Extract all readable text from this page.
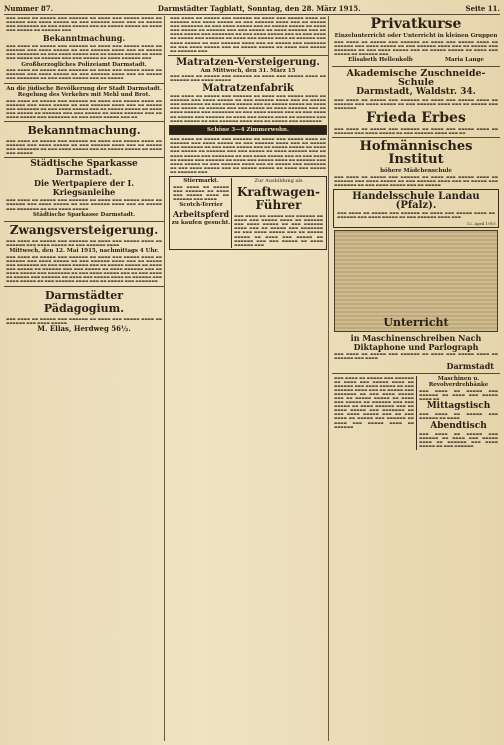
Nummer 87.	Darmstädter Tagblatt, Sonntag, den 28. März 1915.	Seite 11.

▬▬▬ ▬▬▬▬ ▬▬ ▬▬▬▬▬ ▬▬▬ ▬▬▬▬▬▬ ▬▬ ▬▬▬▬ ▬▬▬ ▬▬▬▬▬ ▬▬▬▬ ▬▬ ▬▬▬▬▬▬ ▬▬▬ ▬▬▬▬ ▬▬▬▬▬ ▬▬ ▬▬▬ ▬▬▬▬▬▬ ▬▬▬▬ ▬▬▬ ▬▬ ▬▬▬▬▬ ▬▬▬ ▬▬▬▬▬▬▬ ▬▬ ▬▬▬ ▬▬▬▬ ▬▬▬▬▬ ▬▬▬ ▬▬ ▬▬▬▬▬ ▬▬▬▬▬ ▬▬ ▬▬▬▬ ▬▬▬ ▬▬▬▬▬ ▬▬ ▬▬▬▬▬▬ ▬▬▬

Bekanntmachung.

▬▬▬ ▬▬▬▬ ▬▬ ▬▬▬▬▬ ▬▬▬ ▬▬▬▬▬▬ ▬▬ ▬▬▬▬ ▬▬▬ ▬▬▬▬▬ ▬▬▬▬ ▬▬ ▬▬▬▬▬▬ ▬▬▬ ▬▬▬▬ ▬▬▬▬▬ ▬▬ ▬▬▬ ▬▬▬▬▬▬ ▬▬▬▬ ▬▬▬ ▬▬ ▬▬▬▬▬ ▬▬▬ ▬▬▬▬▬▬▬ ▬▬ ▬▬▬ ▬▬▬▬ ▬▬▬▬▬ ▬▬▬ ▬▬ ▬▬▬▬▬ ▬▬▬▬▬ ▬▬ ▬▬▬▬ ▬▬▬ ▬▬▬▬▬ ▬▬ ▬▬▬▬▬▬ ▬▬▬ ▬▬▬ ▬▬▬▬▬ ▬▬ ▬▬▬▬ ▬▬▬▬▬▬ ▬▬▬

Großherzogliches Polizeiamt Darmstadt.

▬▬▬ ▬▬▬▬ ▬▬ ▬▬▬▬▬ ▬▬▬ ▬▬▬▬▬▬ ▬▬ ▬▬▬▬ ▬▬▬ ▬▬▬▬▬ ▬▬▬▬ ▬▬ ▬▬▬▬▬▬ ▬▬▬ ▬▬▬▬ ▬▬▬▬▬ ▬▬ ▬▬▬ ▬▬▬▬▬▬ ▬▬▬▬ ▬▬▬ ▬▬ ▬▬▬▬▬ ▬▬▬ ▬▬▬▬▬▬▬ ▬▬ ▬▬▬ ▬▬▬▬ ▬▬▬▬▬ ▬▬▬ ▬▬ ▬▬▬▬▬

An die jüdische Bevölkerung der Stadt Darmstadt.
Regelung des Verkehrs mit Mehl und Brot.

▬▬▬ ▬▬▬▬ ▬▬ ▬▬▬▬▬ ▬▬▬ ▬▬▬▬▬▬ ▬▬ ▬▬▬▬ ▬▬▬ ▬▬▬▬▬ ▬▬▬▬ ▬▬ ▬▬▬▬▬▬ ▬▬▬ ▬▬▬▬ ▬▬▬▬▬ ▬▬ ▬▬▬ ▬▬▬▬▬▬ ▬▬▬▬ ▬▬▬ ▬▬ ▬▬▬▬▬ ▬▬▬ ▬▬▬▬▬▬▬ ▬▬ ▬▬▬ ▬▬▬▬ ▬▬▬▬▬ ▬▬▬ ▬▬ ▬▬▬▬▬ ▬▬▬▬▬ ▬▬ ▬▬▬▬ ▬▬▬ ▬▬▬▬▬ ▬▬ ▬▬▬▬▬▬ ▬▬▬ ▬▬▬ ▬▬▬▬▬ ▬▬ ▬▬▬▬ ▬▬▬▬▬▬ ▬▬▬ ▬▬ ▬▬▬▬ ▬▬▬▬▬ ▬▬▬ ▬▬▬▬▬▬▬ ▬▬ ▬▬▬ ▬▬▬▬ ▬▬▬▬▬ ▬▬▬ ▬▬

Bekanntmachung.

▬▬▬ ▬▬▬▬ ▬▬ ▬▬▬▬▬ ▬▬▬ ▬▬▬▬▬▬ ▬▬ ▬▬▬▬ ▬▬▬ ▬▬▬▬▬ ▬▬▬▬ ▬▬ ▬▬▬▬▬▬ ▬▬▬ ▬▬▬▬ ▬▬▬▬▬ ▬▬ ▬▬▬ ▬▬▬▬▬▬ ▬▬▬▬ ▬▬▬ ▬▬ ▬▬▬▬▬ ▬▬▬ ▬▬▬▬▬▬▬ ▬▬ ▬▬▬ ▬▬▬▬ ▬▬▬▬▬ ▬▬▬ ▬▬ ▬▬▬▬▬ ▬▬▬▬▬ ▬▬ ▬▬▬▬ ▬▬▬ ▬▬▬▬▬

Städtische Sparkasse Darmstadt.
Die Wertpapiere der I. Kriegsanleihe

▬▬▬ ▬▬▬▬ ▬▬ ▬▬▬▬▬ ▬▬▬ ▬▬▬▬▬▬ ▬▬ ▬▬▬▬ ▬▬▬ ▬▬▬▬▬ ▬▬▬▬ ▬▬ ▬▬▬▬▬▬ ▬▬▬ ▬▬▬▬ ▬▬▬▬▬ ▬▬ ▬▬▬ ▬▬▬▬▬▬ ▬▬▬▬ ▬▬▬ ▬▬ ▬▬▬▬▬ ▬▬▬ ▬▬▬▬▬▬▬ ▬▬ ▬▬▬ ▬▬▬▬ ▬▬▬▬▬

Städtische Sparkasse Darmstadt.
Zwangsversteigerung.

▬▬▬ ▬▬▬▬ ▬▬ ▬▬▬▬▬ ▬▬▬ ▬▬▬▬▬▬ ▬▬ ▬▬▬▬ ▬▬▬ ▬▬▬▬▬ ▬▬▬▬ ▬▬ ▬▬▬▬▬▬ ▬▬▬ ▬▬▬▬ ▬▬▬▬▬ ▬▬ ▬▬▬ ▬▬▬▬▬▬ ▬▬▬▬

Mittwoch, den 12. Mai 1915, nachmittags 4 Uhr.

▬▬▬ ▬▬▬▬ ▬▬ ▬▬▬▬▬ ▬▬▬ ▬▬▬▬▬▬ ▬▬ ▬▬▬▬ ▬▬▬ ▬▬▬▬▬ ▬▬▬▬ ▬▬ ▬▬▬▬▬▬ ▬▬▬ ▬▬▬▬ ▬▬▬▬▬ ▬▬ ▬▬▬ ▬▬▬▬▬▬ ▬▬▬▬ ▬▬▬ ▬▬ ▬▬▬▬▬ ▬▬▬ ▬▬▬▬▬▬▬ ▬▬ ▬▬▬ ▬▬▬▬ ▬▬▬▬▬ ▬▬▬ ▬▬ ▬▬▬▬▬ ▬▬▬▬▬ ▬▬ ▬▬▬▬ ▬▬▬ ▬▬▬▬▬ ▬▬ ▬▬▬▬▬▬ ▬▬▬ ▬▬▬ ▬▬▬▬▬ ▬▬ ▬▬▬▬ ▬▬▬▬▬▬ ▬▬▬ ▬▬ ▬▬▬▬ ▬▬▬▬▬ ▬▬▬ ▬▬▬▬▬▬▬ ▬▬ ▬▬▬ ▬▬▬▬ ▬▬▬▬▬ ▬▬▬ ▬▬ ▬▬▬ ▬▬▬▬ ▬▬ ▬▬▬▬▬ ▬▬▬ ▬▬▬▬▬▬ ▬▬ ▬▬▬▬ ▬▬▬ ▬▬▬▬▬ ▬▬▬▬ ▬▬ ▬▬▬▬▬▬ ▬▬▬ ▬▬▬▬ ▬▬▬▬▬ ▬▬ ▬▬▬ ▬▬▬▬▬▬ ▬▬▬▬ ▬▬▬ ▬▬ ▬▬▬▬▬ ▬▬▬ ▬▬▬▬▬▬▬

Darmstädter Pädagogium.

▬▬▬ ▬▬▬▬ ▬▬ ▬▬▬▬▬ ▬▬▬ ▬▬▬▬▬▬ ▬▬ ▬▬▬▬ ▬▬▬ ▬▬▬▬▬ ▬▬▬▬ ▬▬ ▬▬▬▬▬▬ ▬▬▬ ▬▬▬▬ ▬▬▬▬▬

M. Ellas, Herdweg 56½.

▬▬▬ ▬▬▬▬ ▬▬ ▬▬▬▬▬ ▬▬▬ ▬▬▬▬▬▬ ▬▬ ▬▬▬▬ ▬▬▬ ▬▬▬▬▬ ▬▬▬▬ ▬▬ ▬▬▬▬▬▬ ▬▬▬ ▬▬▬▬ ▬▬▬▬▬ ▬▬ ▬▬▬ ▬▬▬▬▬▬ ▬▬▬▬ ▬▬▬ ▬▬ ▬▬▬▬▬ ▬▬▬ ▬▬▬▬▬▬▬ ▬▬ ▬▬▬ ▬▬▬▬ ▬▬▬▬▬ ▬▬▬ ▬▬ ▬▬▬▬▬ ▬▬▬▬▬ ▬▬ ▬▬▬▬ ▬▬▬ ▬▬▬▬▬ ▬▬ ▬▬▬▬▬▬ ▬▬▬ ▬▬▬ ▬▬▬▬▬ ▬▬ ▬▬▬▬ ▬▬▬▬▬▬ ▬▬▬ ▬▬ ▬▬▬▬ ▬▬▬▬▬ ▬▬▬ ▬▬▬▬▬▬▬ ▬▬ ▬▬▬ ▬▬▬▬ ▬▬▬▬▬ ▬▬▬ ▬▬ ▬▬▬ ▬▬▬▬ ▬▬ ▬▬▬▬▬ ▬▬▬ ▬▬▬▬▬▬ ▬▬ ▬▬▬▬ ▬▬▬ ▬▬▬▬▬ ▬▬▬▬ ▬▬ ▬▬▬▬▬▬ ▬▬▬ ▬▬▬▬ ▬▬▬▬▬ ▬▬ ▬▬▬ ▬▬▬▬▬▬ ▬▬▬▬ ▬▬▬ ▬▬ ▬▬▬▬▬ ▬▬▬ ▬▬▬▬▬▬▬ ▬▬ ▬▬▬ ▬▬▬▬ ▬▬▬▬▬ ▬▬▬ ▬▬ ▬▬▬▬▬ ▬▬▬▬▬ ▬▬ ▬▬▬▬ ▬▬▬ ▬▬▬▬▬ ▬▬ ▬▬▬▬▬▬ ▬▬▬

Matratzen-Versteigerung.
Am Mittwoch, den 31. März 15

▬▬▬ ▬▬▬▬ ▬▬ ▬▬▬▬▬ ▬▬▬ ▬▬▬▬▬▬ ▬▬ ▬▬▬▬ ▬▬▬ ▬▬▬▬▬ ▬▬▬▬ ▬▬ ▬▬▬▬▬▬ ▬▬▬ ▬▬▬▬ ▬▬▬▬▬

Matratzenfabrik

▬▬▬ ▬▬▬▬ ▬▬ ▬▬▬▬▬ ▬▬▬ ▬▬▬▬▬▬ ▬▬ ▬▬▬▬ ▬▬▬ ▬▬▬▬▬ ▬▬▬▬ ▬▬ ▬▬▬▬▬▬ ▬▬▬ ▬▬▬▬ ▬▬▬▬▬ ▬▬ ▬▬▬ ▬▬▬▬▬▬ ▬▬▬▬ ▬▬▬ ▬▬ ▬▬▬▬▬ ▬▬▬ ▬▬▬▬▬▬▬ ▬▬ ▬▬▬ ▬▬▬▬ ▬▬▬▬▬ ▬▬▬ ▬▬ ▬▬▬▬▬ ▬▬▬▬▬ ▬▬ ▬▬▬▬ ▬▬▬ ▬▬▬▬▬ ▬▬ ▬▬▬▬▬▬ ▬▬▬ ▬▬▬ ▬▬▬▬▬ ▬▬ ▬▬▬▬ ▬▬▬▬▬▬ ▬▬▬ ▬▬ ▬▬▬▬ ▬▬▬▬▬ ▬▬▬ ▬▬▬▬▬▬▬ ▬▬ ▬▬▬ ▬▬▬▬ ▬▬▬▬▬ ▬▬▬ ▬▬ ▬▬▬ ▬▬▬▬ ▬▬ ▬▬▬▬▬ ▬▬▬ ▬▬▬▬▬▬ ▬▬ ▬▬▬▬ ▬▬▬ ▬▬▬▬▬ ▬▬▬▬ ▬▬ ▬▬▬▬▬▬ ▬▬▬ ▬▬▬▬ ▬▬▬▬▬ ▬▬ ▬▬▬ ▬▬▬▬▬▬ ▬▬▬▬ ▬▬▬ ▬▬ ▬▬▬▬▬ ▬▬▬ ▬▬▬▬▬▬▬

Schöne 3—4 Zimmerwohn.

▬▬▬ ▬▬▬▬ ▬▬ ▬▬▬▬▬ ▬▬▬ ▬▬▬▬▬▬ ▬▬ ▬▬▬▬ ▬▬▬ ▬▬▬▬▬ ▬▬▬▬ ▬▬ ▬▬▬▬▬▬ ▬▬▬ ▬▬▬▬ ▬▬▬▬▬ ▬▬ ▬▬▬ ▬▬▬▬▬▬ ▬▬▬▬ ▬▬▬ ▬▬ ▬▬▬▬▬ ▬▬▬ ▬▬▬▬▬▬▬ ▬▬ ▬▬▬ ▬▬▬▬ ▬▬▬▬▬ ▬▬▬ ▬▬ ▬▬▬▬▬ ▬▬▬▬▬ ▬▬ ▬▬▬▬ ▬▬▬ ▬▬▬▬▬ ▬▬ ▬▬▬▬▬▬ ▬▬▬ ▬▬▬ ▬▬▬▬▬ ▬▬ ▬▬▬▬ ▬▬▬▬▬▬ ▬▬▬ ▬▬ ▬▬▬▬ ▬▬▬▬▬ ▬▬▬ ▬▬▬▬▬▬▬ ▬▬ ▬▬▬ ▬▬▬▬ ▬▬▬▬▬ ▬▬▬ ▬▬ ▬▬▬ ▬▬▬▬ ▬▬ ▬▬▬▬▬ ▬▬▬ ▬▬▬▬▬▬ ▬▬ ▬▬▬▬ ▬▬▬ ▬▬▬▬▬ ▬▬▬▬ ▬▬ ▬▬▬▬▬▬ ▬▬▬ ▬▬▬▬ ▬▬▬▬▬ ▬▬ ▬▬▬ ▬▬▬▬▬▬ ▬▬▬▬ ▬▬▬ ▬▬ ▬▬▬▬▬ ▬▬▬ ▬▬▬▬▬▬▬ ▬▬ ▬▬▬ ▬▬▬▬ ▬▬▬▬▬ ▬▬▬ ▬▬ ▬▬▬▬▬ ▬▬▬▬▬ ▬▬ ▬▬▬▬ ▬▬▬ ▬▬▬▬▬ ▬▬ ▬▬▬▬▬▬ ▬▬▬

Stiermarkt.

▬▬▬ ▬▬▬▬ ▬▬ ▬▬▬▬▬ ▬▬▬ ▬▬▬▬▬▬ ▬▬ ▬▬▬▬ ▬▬▬ ▬▬▬▬▬ ▬▬▬▬ ▬▬ ▬▬▬▬▬▬ ▬▬▬ ▬▬▬▬

Scotch-Terrier
Arbeitspferd
zu kaufen gesucht.
Zur Ausbildung als
Kraftwagen-Führer

▬▬▬ ▬▬▬▬ ▬▬ ▬▬▬▬▬ ▬▬▬ ▬▬▬▬▬▬ ▬▬ ▬▬▬▬ ▬▬▬ ▬▬▬▬▬ ▬▬▬▬ ▬▬ ▬▬▬▬▬▬ ▬▬▬ ▬▬▬▬ ▬▬▬▬▬ ▬▬ ▬▬▬ ▬▬▬▬▬▬ ▬▬▬▬ ▬▬▬ ▬▬ ▬▬▬▬▬ ▬▬▬ ▬▬▬▬▬▬▬ ▬▬ ▬▬▬ ▬▬▬▬ ▬▬▬▬▬ ▬▬▬ ▬▬ ▬▬▬▬▬ ▬▬▬▬▬ ▬▬ ▬▬▬▬ ▬▬▬ ▬▬▬▬▬ ▬▬ ▬▬▬▬▬▬ ▬▬▬ ▬▬▬ ▬▬▬▬▬ ▬▬ ▬▬▬▬ ▬▬▬▬▬▬ ▬▬▬

Privatkurse
Einzelunterricht oder Unterricht in kleinen Gruppen

▬▬▬ ▬▬▬▬ ▬▬ ▬▬▬▬▬ ▬▬▬ ▬▬▬▬▬▬ ▬▬ ▬▬▬▬ ▬▬▬ ▬▬▬▬▬ ▬▬▬▬ ▬▬ ▬▬▬▬▬▬ ▬▬▬ ▬▬▬▬ ▬▬▬▬▬ ▬▬ ▬▬▬ ▬▬▬▬▬▬ ▬▬▬▬ ▬▬▬ ▬▬ ▬▬▬▬▬ ▬▬▬ ▬▬▬▬▬▬▬ ▬▬ ▬▬▬ ▬▬▬▬ ▬▬▬▬▬ ▬▬▬ ▬▬ ▬▬▬▬▬ ▬▬▬▬▬ ▬▬ ▬▬▬▬ ▬▬▬ ▬▬▬▬▬ ▬▬ ▬▬▬▬▬▬ ▬▬▬

Elisabeth Hellenkolb	Maria Lange
Akademische Zuschneide-Schule
Darmstadt, Waldstr. 34.

▬▬▬ ▬▬▬▬ ▬▬ ▬▬▬▬▬ ▬▬▬ ▬▬▬▬▬▬ ▬▬ ▬▬▬▬ ▬▬▬ ▬▬▬▬▬ ▬▬▬▬ ▬▬ ▬▬▬▬▬▬ ▬▬▬ ▬▬▬▬ ▬▬▬▬▬ ▬▬ ▬▬▬ ▬▬▬▬▬▬ ▬▬▬▬ ▬▬▬ ▬▬ ▬▬▬▬▬ ▬▬▬ ▬▬▬▬▬▬▬

Frieda Erbes

▬▬▬ ▬▬▬▬ ▬▬ ▬▬▬▬▬ ▬▬▬ ▬▬▬▬▬▬ ▬▬ ▬▬▬▬ ▬▬▬ ▬▬▬▬▬ ▬▬▬▬ ▬▬ ▬▬▬▬▬▬ ▬▬▬ ▬▬▬▬ ▬▬▬▬▬ ▬▬ ▬▬▬ ▬▬▬▬▬▬ ▬▬▬▬ ▬▬▬ ▬▬

Hofmännisches Institut
höhere Mädchenschule

▬▬▬ ▬▬▬▬ ▬▬ ▬▬▬▬▬ ▬▬▬ ▬▬▬▬▬▬ ▬▬ ▬▬▬▬ ▬▬▬ ▬▬▬▬▬ ▬▬▬▬ ▬▬ ▬▬▬▬▬▬ ▬▬▬ ▬▬▬▬ ▬▬▬▬▬ ▬▬ ▬▬▬ ▬▬▬▬▬▬ ▬▬▬▬ ▬▬▬ ▬▬ ▬▬▬▬▬ ▬▬▬ ▬▬▬▬▬▬▬ ▬▬ ▬▬▬ ▬▬▬▬ ▬▬▬▬▬ ▬▬▬ ▬▬ ▬▬▬▬▬

Handelsschule Landau (Pfalz).

▬▬▬ ▬▬▬▬ ▬▬ ▬▬▬▬▬ ▬▬▬ ▬▬▬▬▬▬ ▬▬ ▬▬▬▬ ▬▬▬ ▬▬▬▬▬ ▬▬▬▬ ▬▬ ▬▬▬▬▬▬ ▬▬▬ ▬▬▬▬ ▬▬▬▬▬ ▬▬ ▬▬▬ ▬▬▬▬▬▬ ▬▬▬▬ ▬▬▬

12. April 1915.
Unterricht
in Maschinenschreiben Nach Diktaphone und Parlograph

▬▬▬ ▬▬▬▬ ▬▬ ▬▬▬▬▬ ▬▬▬ ▬▬▬▬▬▬ ▬▬ ▬▬▬▬ ▬▬▬ ▬▬▬▬▬ ▬▬▬▬ ▬▬ ▬▬▬▬▬▬ ▬▬▬ ▬▬▬▬

Darmstadt

▬▬▬ ▬▬▬▬ ▬▬ ▬▬▬▬▬ ▬▬▬ ▬▬▬▬▬▬ ▬▬ ▬▬▬▬ ▬▬▬ ▬▬▬▬▬ ▬▬▬▬ ▬▬ ▬▬▬▬▬▬ ▬▬▬ ▬▬▬▬ ▬▬▬▬▬ ▬▬ ▬▬▬ ▬▬▬▬▬▬ ▬▬▬▬ ▬▬▬ ▬▬ ▬▬▬▬▬ ▬▬▬ ▬▬▬▬▬▬▬ ▬▬ ▬▬▬ ▬▬▬▬ ▬▬▬▬▬ ▬▬▬ ▬▬ ▬▬▬▬▬ ▬▬▬▬▬ ▬▬ ▬▬▬▬ ▬▬▬ ▬▬▬▬▬ ▬▬ ▬▬▬▬▬▬ ▬▬▬ ▬▬▬ ▬▬▬▬▬ ▬▬ ▬▬▬▬ ▬▬▬▬▬▬ ▬▬▬ ▬▬ ▬▬▬▬ ▬▬▬▬▬ ▬▬▬ ▬▬▬▬▬▬▬ ▬▬ ▬▬▬ ▬▬▬▬ ▬▬▬▬▬ ▬▬▬ ▬▬ ▬▬▬ ▬▬▬▬ ▬▬ ▬▬▬▬▬ ▬▬▬ ▬▬▬▬▬▬ ▬▬ ▬▬▬▬ ▬▬▬ ▬▬▬▬▬ ▬▬▬▬ ▬▬ ▬▬▬▬▬▬

Maschinen u. Revolverdrehbänke

▬▬▬ ▬▬▬▬ ▬▬ ▬▬▬▬▬ ▬▬▬ ▬▬▬▬▬▬ ▬▬ ▬▬▬▬ ▬▬▬ ▬▬▬▬▬ ▬▬▬▬ ▬▬

Mittagstisch

▬▬▬ ▬▬▬▬ ▬▬ ▬▬▬▬▬ ▬▬▬ ▬▬▬▬▬▬ ▬▬ ▬▬▬▬

Abendtisch

▬▬▬ ▬▬▬▬ ▬▬ ▬▬▬▬▬ ▬▬▬ ▬▬▬▬▬▬ ▬▬ ▬▬▬▬ ▬▬▬ ▬▬▬▬▬ ▬▬▬▬ ▬▬ ▬▬▬▬▬▬ ▬▬▬ ▬▬▬▬ ▬▬▬▬▬ ▬▬ ▬▬▬ ▬▬▬▬▬▬
